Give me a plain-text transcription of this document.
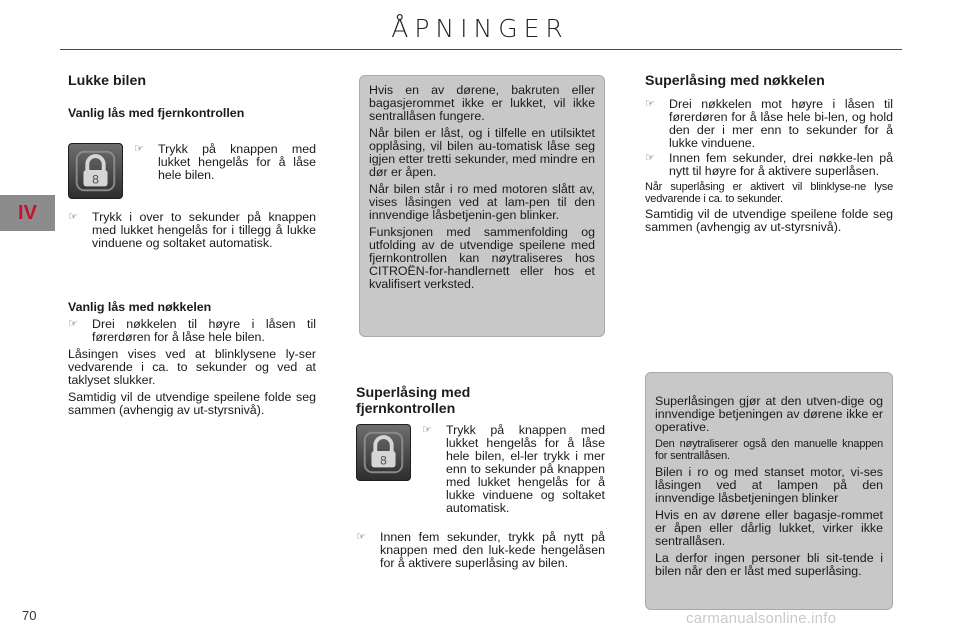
ÅPNINGER
IV
Lukke bilen
Vanlig lås med fjernkontrollen
8
☞ Trykk på knappen med lukket hengelås for å låse hele bilen.
☞ Trykk i over to sekunder på knappen med lukket hengelås for i tillegg å lukke vinduene og soltaket automatisk.
Vanlig lås med nøkkelen
☞ Drei nøkkelen til høyre i låsen til førerdøren for å låse hele bilen.

Låsingen vises ved at blinklysene ly-ser vedvarende i ca. to sekunder og ved at taklyset slukker.

Samtidig vil de utvendige speilene folde seg sammen (avhengig av ut-styrsnivå).

Hvis en av dørene, bakruten eller bagasjerommet ikke er lukket, vil ikke sentrallåsen fungere.

Når bilen er låst, og i tilfelle en utilsiktet opplåsing, vil bilen au-tomatisk låse seg igjen etter tretti sekunder, med mindre en dør er åpen.

Når bilen står i ro med motoren slått av, vises låsingen ved at lam-pen til den innvendige låsbetjenin-gen blinker.

Funksjonen med sammenfolding og utfolding av de utvendige speilene med fjernkontrollen kan nøytraliseres hos CITROËN-for-handlernett eller hos et kvalifisert verksted.

Superlåsing med fjernkontrollen
8
☞ Trykk på knappen med lukket hengelås for å låse hele bilen, el-ler trykk i mer enn to sekunder på knappen med lukket hengelås for å lukke vinduene og soltaket automatisk.
☞ Innen fem sekunder, trykk på nytt på knappen med den luk-kede hengelåsen for å aktivere superlåsing av bilen.
Superlåsing med nøkkelen
☞ Drei nøkkelen mot høyre i låsen til førerdøren for å låse hele bi-len, og hold den der i mer enn to sekunder for å lukke vinduene.
☞ Innen fem sekunder, drei nøkke-len på nytt til høyre for å aktivere superlåsen.

Når superlåsing er aktivert vil blinklyse-ne lyse vedvarende i ca. to sekunder.

Samtidig vil de utvendige speilene folde seg sammen (avhengig av ut-styrsnivå).

Superlåsingen gjør at den utven-dige og innvendige betjeningen av dørene ikke er operative.

Den nøytraliserer også den manuelle knappen for sentrallåsen.

Bilen i ro og med stanset motor, vi-ses låsingen ved at lampen på den innvendige låsbetjeningen blinker

Hvis en av dørene eller bagasje-rommet er åpen eller dårlig lukket, virker ikke sentrallåsen.

La derfor ingen personer bli sit-tende i bilen når den er låst med superlåsing.

70	carmanualsonline.info
